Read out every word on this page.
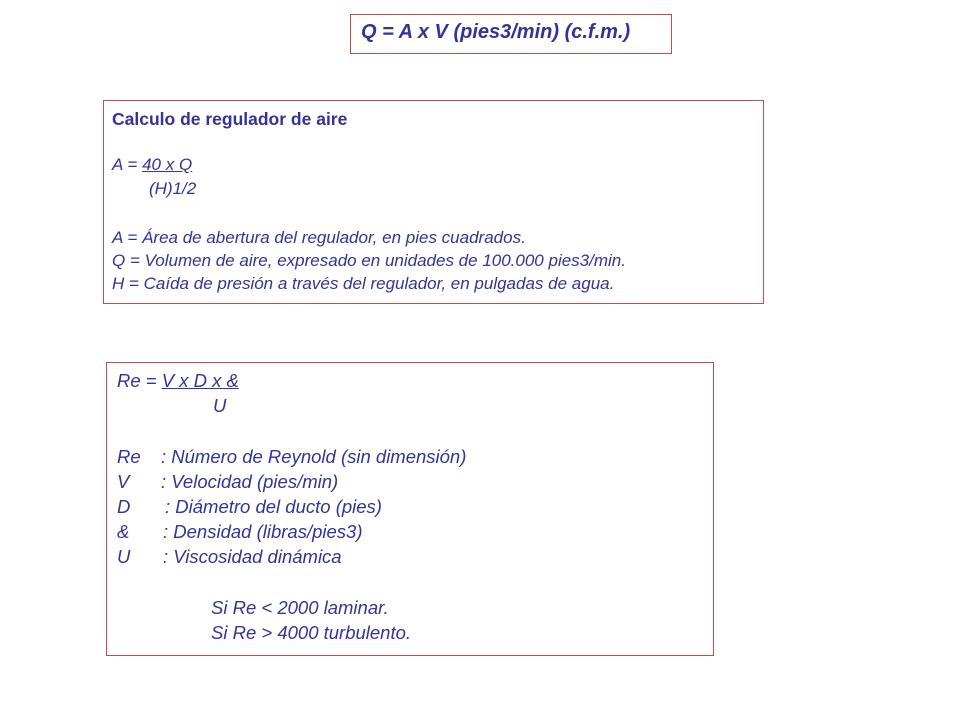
Q = A x V (pies3/min) (c.f.m.)
Calculo de regulador de aire
A = 40 x Q
(H)1/2
A = Área de abertura del regulador, en pies cuadrados.
Q = Volumen de aire, expresado en unidades de 100.000 pies3/min.
H = Caída de presión a través del regulador, en pulgadas de agua.
Re = V x D x &
U
Re : Número de Reynold (sin dimensión)
V : Velocidad (pies/min)
D : Diámetro del ducto (pies)
& : Densidad (libras/pies3)
U : Viscosidad dinámica
Si Re < 2000 laminar.
Si Re > 4000 turbulento.
